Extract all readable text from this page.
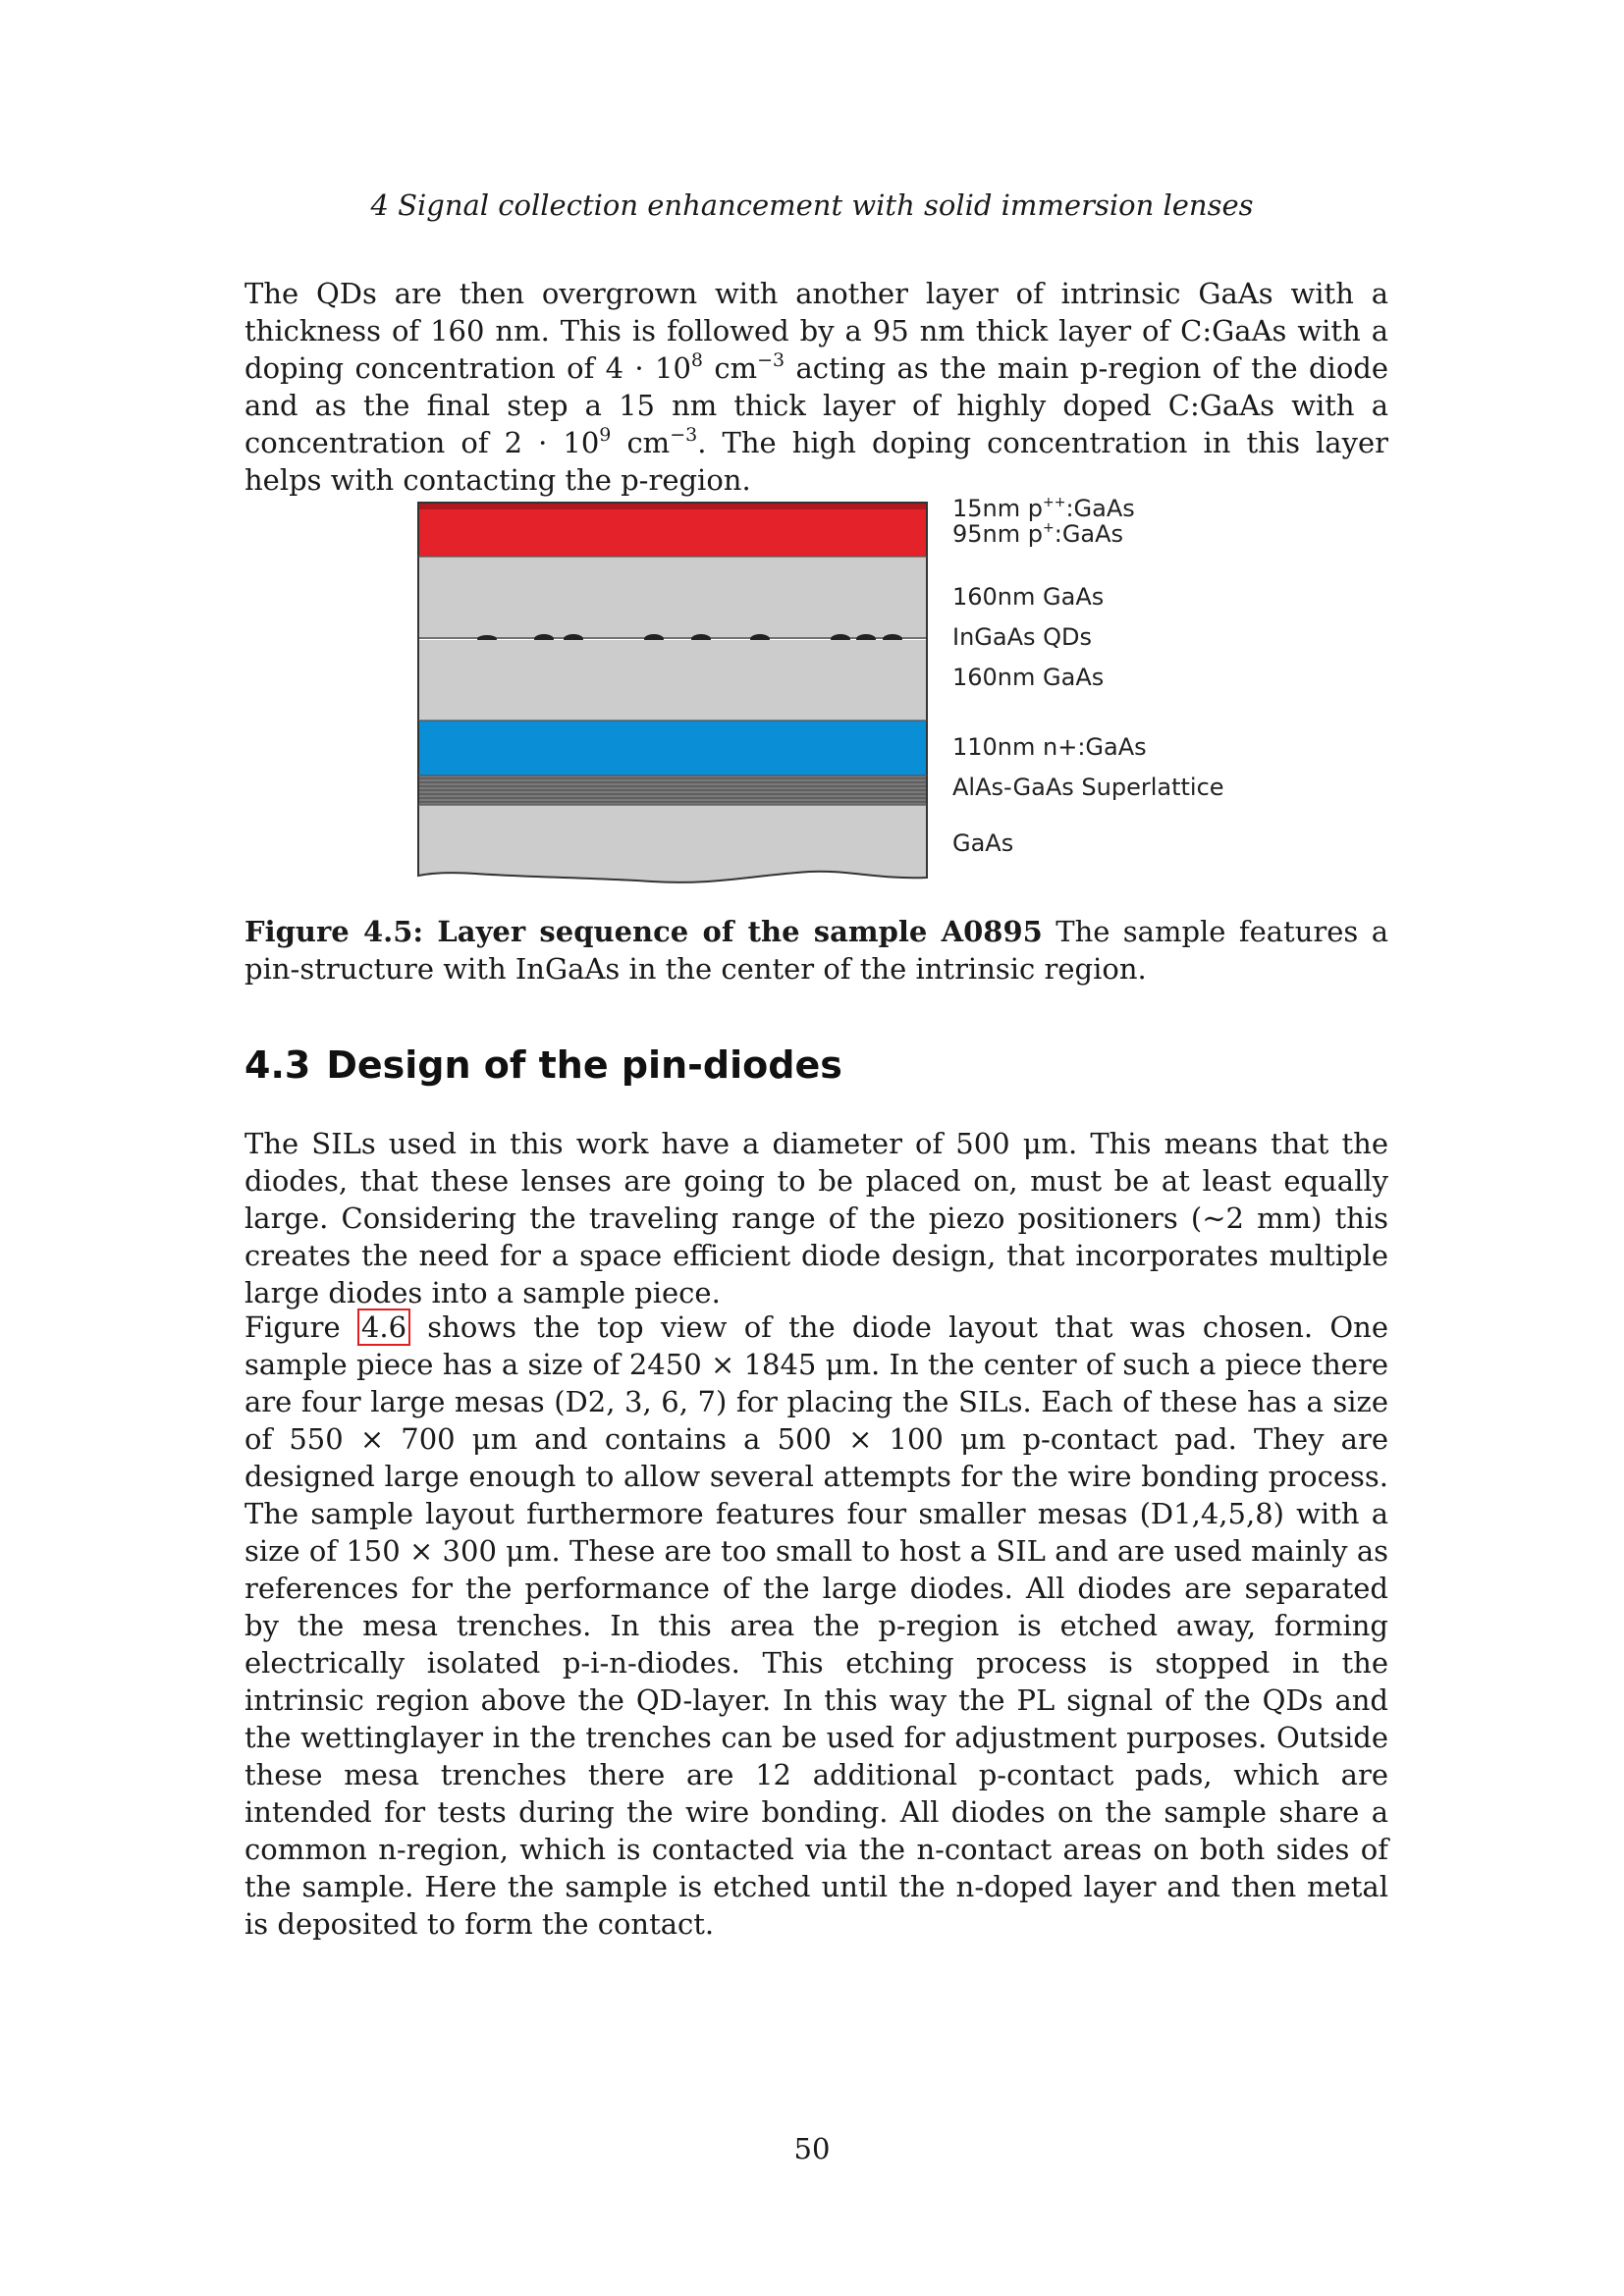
4 Signal collection enhancement with solid immersion lenses

The QDs are then overgrown with another layer of intrinsic GaAs with a thickness of 160 nm. This is followed by a 95 nm thick layer of C:GaAs with a doping concentration of $4 \cdot 10^8$ $cm^{-3}$ acting as the main p-region of the diode and as the final step a 15 nm thick layer of highly doped C:GaAs with a concentration of $2 \cdot 10^9$ $cm^{-3}$. The high doping concentration in this layer helps with contacting the p-region.

15nm p++:GaAs
95nm p+:GaAs
160nm GaAs
InGaAs QDs
160nm GaAs
110nm n+:GaAs
AlAs-GaAs Superlattice
GaAs
Figure 4.5: Layer sequence of the sample A0895 The sample features a pin-structure with InGaAs in the center of the intrinsic region.
4.3 Design of the pin-diodes

The SILs used in this work have a diameter of 500 μm. This means that the diodes, that these lenses are going to be placed on, must be at least equally large. Considering the traveling range of the piezo positioners (∼2 mm) this creates the need for a space efficient diode design, that incorporates multiple large diodes into a sample piece.

Figure 4.6 shows the top view of the diode layout that was chosen. One sample piece has a size of 2450 × 1845 μm. In the center of such a piece there are four large mesas (D2, 3, 6, 7) for placing the SILs. Each of these has a size of 550 × 700 μm and contains a 500 × 100 μm p-contact pad. They are designed large enough to allow several attempts for the wire bonding process. The sample layout furthermore features four smaller mesas (D1,4,5,8) with a size of 150 × 300 μm. These are too small to host a SIL and are used mainly as references for the performance of the large diodes. All diodes are separated by the mesa trenches. In this area the p-region is etched away, forming electrically isolated p-i-n-diodes. This etching process is stopped in the intrinsic region above the QD-layer. In this way the PL signal of the QDs and the wettinglayer in the trenches can be used for adjustment purposes. Outside these mesa trenches there are 12 additional p-contact pads, which are intended for tests during the wire bonding. All diodes on the sample share a common n-region, which is contacted via the n-contact areas on both sides of the sample. Here the sample is etched until the n-doped layer and then metal is deposited to form the contact.

50
